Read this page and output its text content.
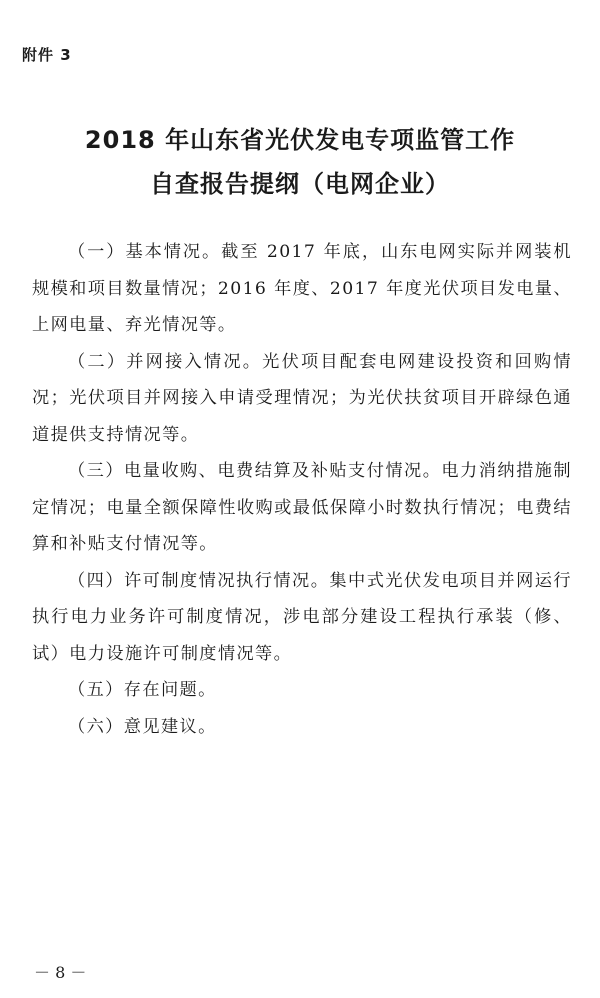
附件 3
2018 年山东省光伏发电专项监管工作
自查报告提纲（电网企业）

（一）基本情况。截至 2017 年底，山东电网实际并网装机规模和项目数量情况；2016 年度、2017 年度光伏项目发电量、上网电量、弃光情况等。

（二）并网接入情况。光伏项目配套电网建设投资和回购情况；光伏项目并网接入申请受理情况；为光伏扶贫项目开辟绿色通道提供支持情况等。

（三）电量收购、电费结算及补贴支付情况。电力消纳措施制定情况；电量全额保障性收购或最低保障小时数执行情况；电费结算和补贴支付情况等。

（四）许可制度情况执行情况。集中式光伏发电项目并网运行执行电力业务许可制度情况，涉电部分建设工程执行承装（修、试）电力设施许可制度情况等。

（五）存在问题。

（六）意见建议。

－ 8 －
